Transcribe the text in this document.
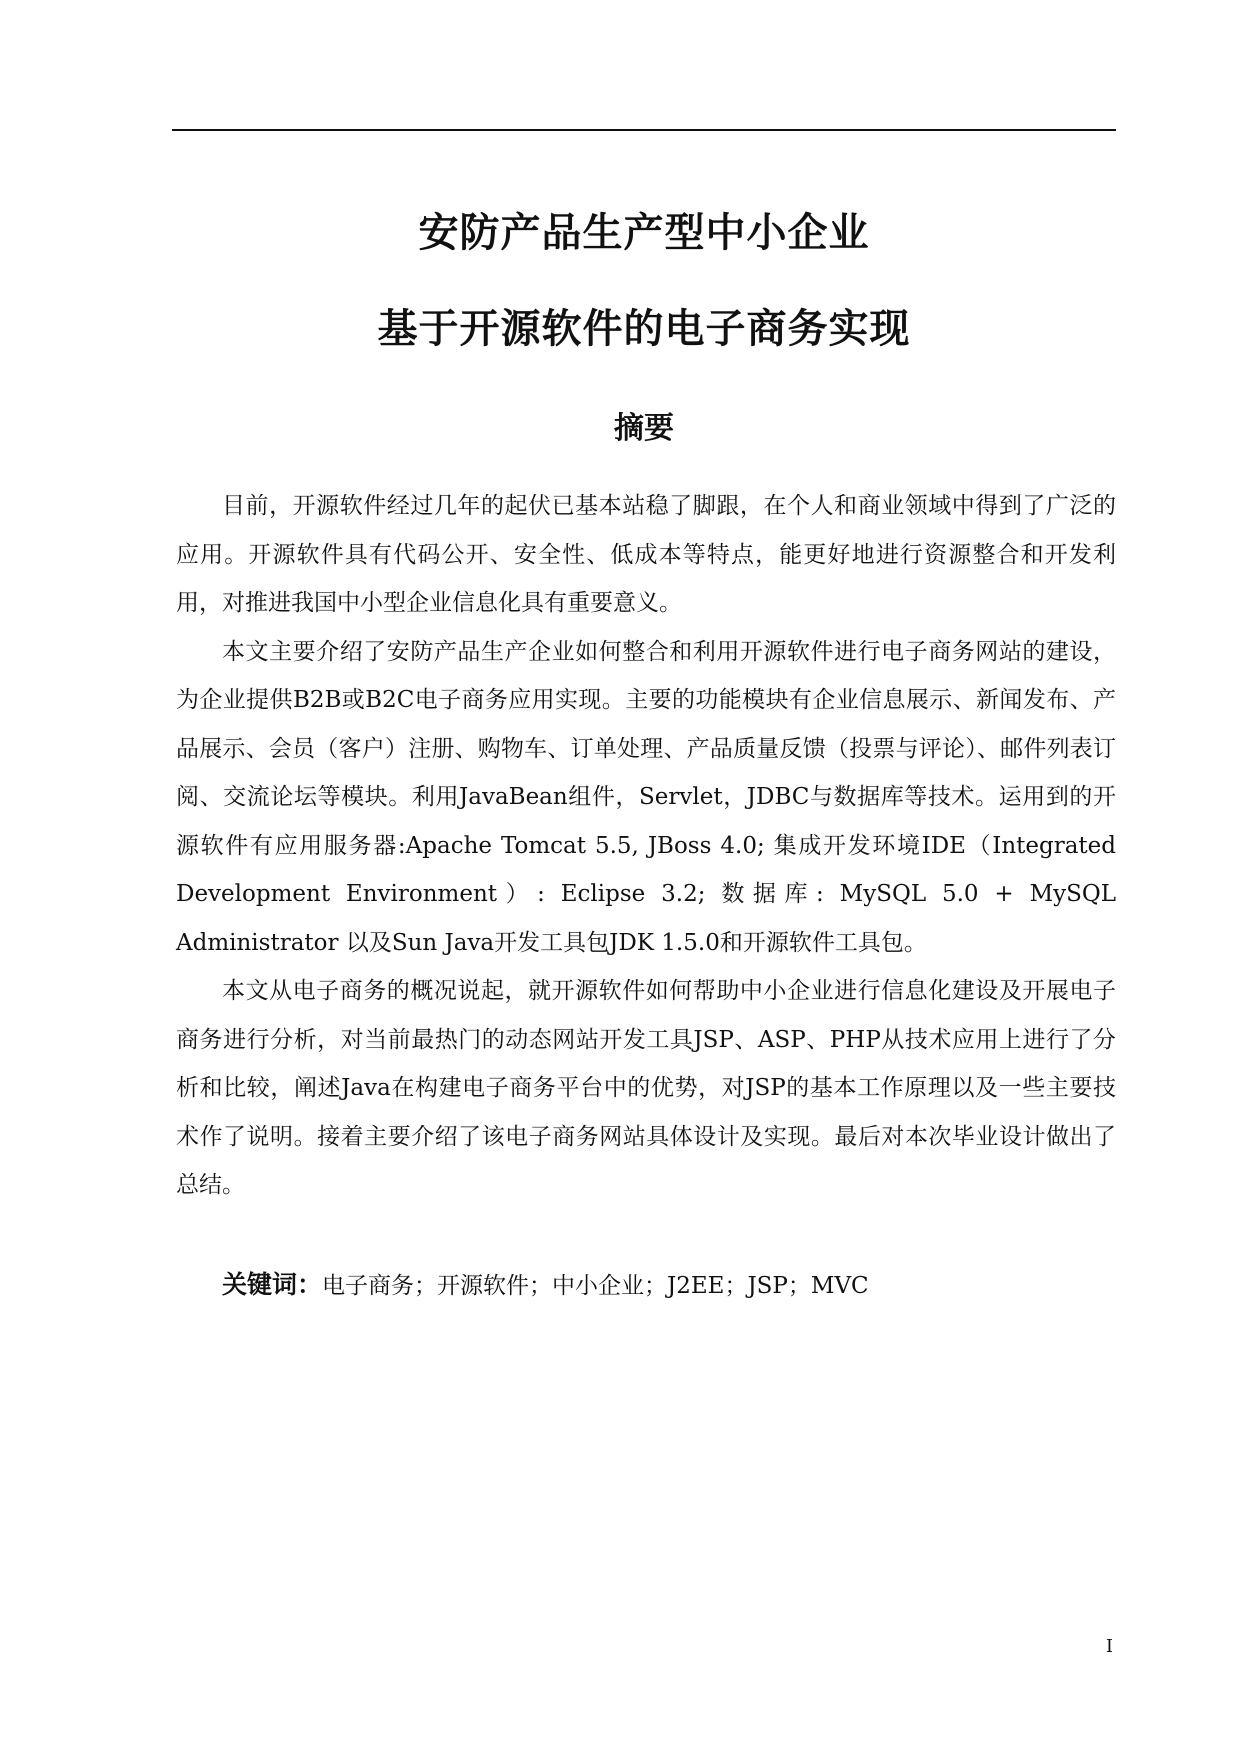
安防产品生产型中小企业
基于开源软件的电子商务实现
摘要

目前，开源软件经过几年的起伏已基本站稳了脚跟，在个人和商业领域中得到了广泛的应用。开源软件具有代码公开、安全性、低成本等特点，能更好地进行资源整合和开发利用，对推进我国中小型企业信息化具有重要意义。

本文主要介绍了安防产品生产企业如何整合和利用开源软件进行电子商务网站的建设，为企业提供B2B或B2C电子商务应用实现。主要的功能模块有企业信息展示、新闻发布、产品展示、会员（客户）注册、购物车、订单处理、产品质量反馈（投票与评论）、邮件列表订阅、交流论坛等模块。利用JavaBean组件，Servlet，JDBC与数据库等技术。运用到的开源软件有应用服务器:Apache Tomcat 5.5, JBoss 4.0; 集成开发环境IDE（Integrated Development Environment）: Eclipse 3.2; 数据库: MySQL 5.0 + MySQL Administrator 以及Sun Java开发工具包JDK 1.5.0和开源软件工具包。

本文从电子商务的概况说起，就开源软件如何帮助中小企业进行信息化建设及开展电子商务进行分析，对当前最热门的动态网站开发工具JSP、ASP、PHP从技术应用上进行了分析和比较，阐述Java在构建电子商务平台中的优势，对JSP的基本工作原理以及一些主要技术作了说明。接着主要介绍了该电子商务网站具体设计及实现。最后对本次毕业设计做出了总结。

关键词：电子商务；开源软件；中小企业；J2EE；JSP；MVC
I
